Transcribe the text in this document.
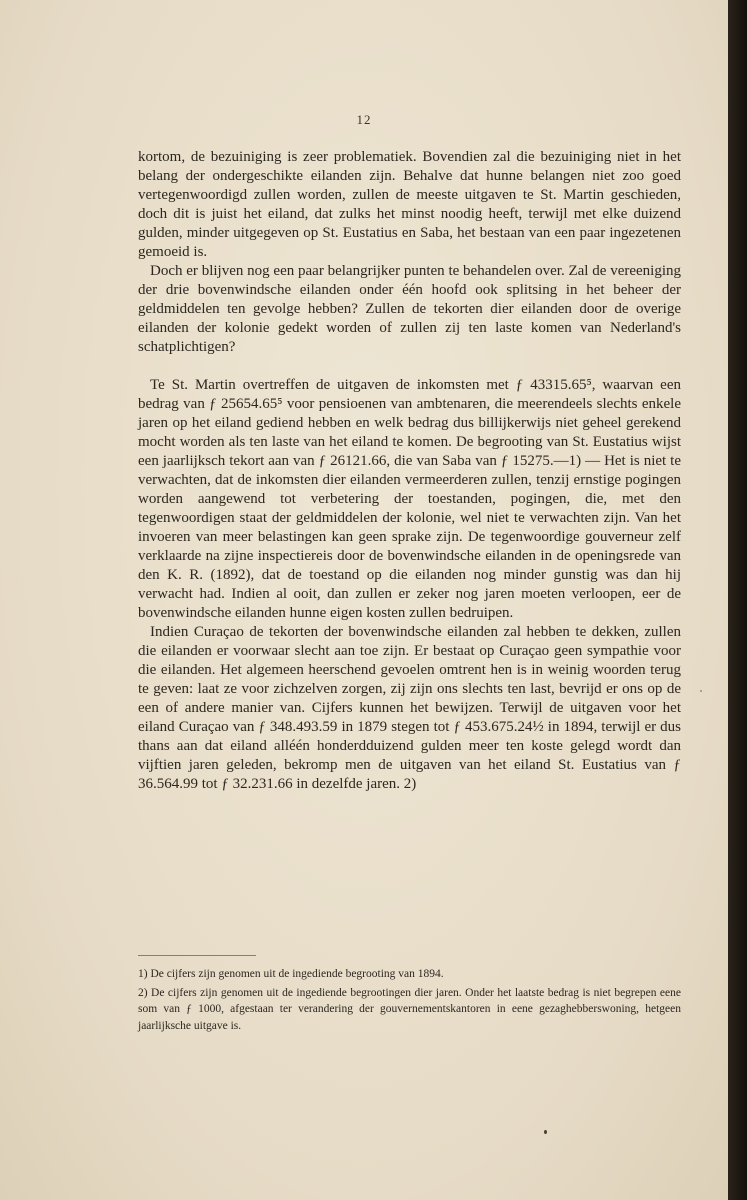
12

kortom, de bezuiniging is zeer problematiek. Bovendien zal die bezuiniging niet in het belang der ondergeschikte eilanden zijn. Behalve dat hunne belangen niet zoo goed vertegenwoordigd zullen worden, zullen de meeste uitgaven te St. Martin geschieden, doch dit is juist het eiland, dat zulks het minst noodig heeft, terwijl met elke duizend gulden, minder uitgegeven op St. Eustatius en Saba, het bestaan van een paar ingezetenen gemoeid is.

Doch er blijven nog een paar belangrijker punten te behandelen over. Zal de vereeniging der drie bovenwindsche eilanden onder één hoofd ook splitsing in het beheer der geldmiddelen ten gevolge hebben? Zullen de tekorten dier eilanden door de overige eilanden der kolonie gedekt worden of zullen zij ten laste komen van Nederland's schatplichtigen?

Te St. Martin overtreffen de uitgaven de inkomsten met ƒ 43315.65⁵, waarvan een bedrag van ƒ 25654.65⁵ voor pensioenen van ambtenaren, die meerendeels slechts enkele jaren op het eiland gediend hebben en welk bedrag dus billijkerwijs niet geheel gerekend mocht worden als ten laste van het eiland te komen. De begrooting van St. Eustatius wijst een jaarlijksch tekort aan van ƒ 26121.66, die van Saba van ƒ 15275.—1) — Het is niet te verwachten, dat de inkomsten dier eilanden vermeerderen zullen, tenzij ernstige pogingen worden aangewend tot verbetering der toestanden, pogingen, die, met den tegenwoordigen staat der geldmiddelen der kolonie, wel niet te verwachten zijn. Van het invoeren van meer belastingen kan geen sprake zijn. De tegenwoordige gouverneur zelf verklaarde na zijne inspectiereis door de bovenwindsche eilanden in de openingsrede van den K. R. (1892), dat de toestand op die eilanden nog minder gunstig was dan hij verwacht had. Indien al ooit, dan zullen er zeker nog jaren moeten verloopen, eer de bovenwindsche eilanden hunne eigen kosten zullen bedruipen.

Indien Curaçao de tekorten der bovenwindsche eilanden zal hebben te dekken, zullen die eilanden er voorwaar slecht aan toe zijn. Er bestaat op Curaçao geen sympathie voor die eilanden. Het algemeen heerschend gevoelen omtrent hen is in weinig woorden terug te geven: laat ze voor zichzelven zorgen, zij zijn ons slechts ten last, bevrijd er ons op de een of andere manier van. Cijfers kunnen het bewijzen. Terwijl de uitgaven voor het eiland Curaçao van ƒ 348.493.59 in 1879 stegen tot ƒ 453.675.24½ in 1894, terwijl er dus thans aan dat eiland alléén honderdduizend gulden meer ten koste gelegd wordt dan vijftien jaren geleden, bekromp men de uitgaven van het eiland St. Eustatius van ƒ 36.564.99 tot ƒ 32.231.66 in dezelfde jaren. 2)

1) De cijfers zijn genomen uit de ingediende begrooting van 1894.

2) De cijfers zijn genomen uit de ingediende begrootingen dier jaren. Onder het laatste bedrag is niet begrepen eene som van ƒ 1000, afgestaan ter verandering der gouvernementskantoren in eene gezaghebberswoning, hetgeen jaarlijksche uitgave is.
